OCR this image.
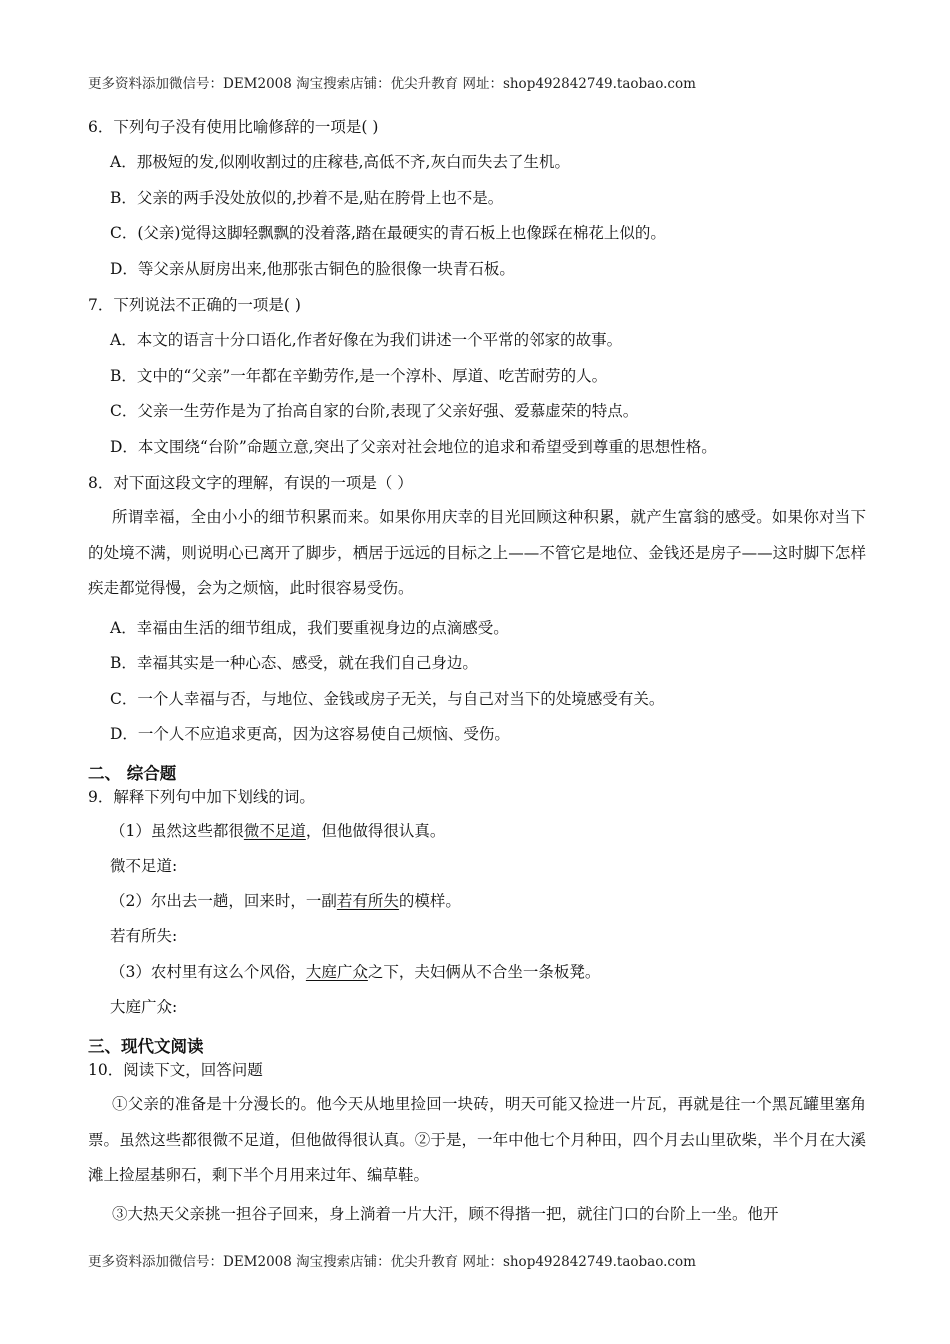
更多资料添加微信号：DEM2008 淘宝搜索店铺：优尖升教育 网址：shop492842749.taobao.com
6．下列句子没有使用比喻修辞的一项是( )
A．那极短的发,似刚收割过的庄稼巷,高低不齐,灰白而失去了生机。
B．父亲的两手没处放似的,抄着不是,贴在胯骨上也不是。
C．(父亲)觉得这脚轻飘飘的没着落,踏在最硬实的青石板上也像踩在棉花上似的。
D．等父亲从厨房出来,他那张古铜色的脸很像一块青石板。
7．下列说法不正确的一项是( )
A．本文的语言十分口语化,作者好像在为我们讲述一个平常的邻家的故事。
B．文中的“父亲”一年都在辛勤劳作,是一个淳朴、厚道、吃苦耐劳的人。
C．父亲一生劳作是为了抬高自家的台阶,表现了父亲好强、爱慕虚荣的特点。
D．本文围绕“台阶”命题立意,突出了父亲对社会地位的追求和希望受到尊重的思想性格。
8．对下面这段文字的理解，有误的一项是（ ）
所谓幸福，全由小小的细节积累而来。如果你用庆幸的目光回顾这种积累，就产生富翁的感受。如果你对当下的处境不满，则说明心已离开了脚步，栖居于远远的目标之上——不管它是地位、金钱还是房子——这时脚下怎样疾走都觉得慢，会为之烦恼，此时很容易受伤。
A．幸福由生活的细节组成，我们要重视身边的点滴感受。
B．幸福其实是一种心态、感受，就在我们自己身边。
C．一个人幸福与否，与地位、金钱或房子无关，与自己对当下的处境感受有关。
D．一个人不应追求更高，因为这容易使自己烦恼、受伤。
二、 综合题
9．解释下列句中加下划线的词。
（1）虽然这些都很微不足道，但他做得很认真。
微不足道:
（2）尔出去一趟，回来时，一副若有所失的模样。
若有所失:
（3）农村里有这么个风俗，大庭广众之下，夫妇俩从不合坐一条板凳。
大庭广众:
三、现代文阅读
10．阅读下文，回答问题
①父亲的准备是十分漫长的。他今天从地里捡回一块砖，明天可能又捡进一片瓦，再就是往一个黑瓦罐里塞角票。虽然这些都很微不足道，但他做得很认真。②于是，一年中他七个月种田，四个月去山里砍柴，半个月在大溪滩上捡屋基卵石，剩下半个月用来过年、编草鞋。
③大热天父亲挑一担谷子回来，身上淌着一片大汗，顾不得揩一把，就往门口的台阶上一坐。他开
更多资料添加微信号：DEM2008 淘宝搜索店铺：优尖升教育 网址：shop492842749.taobao.com
